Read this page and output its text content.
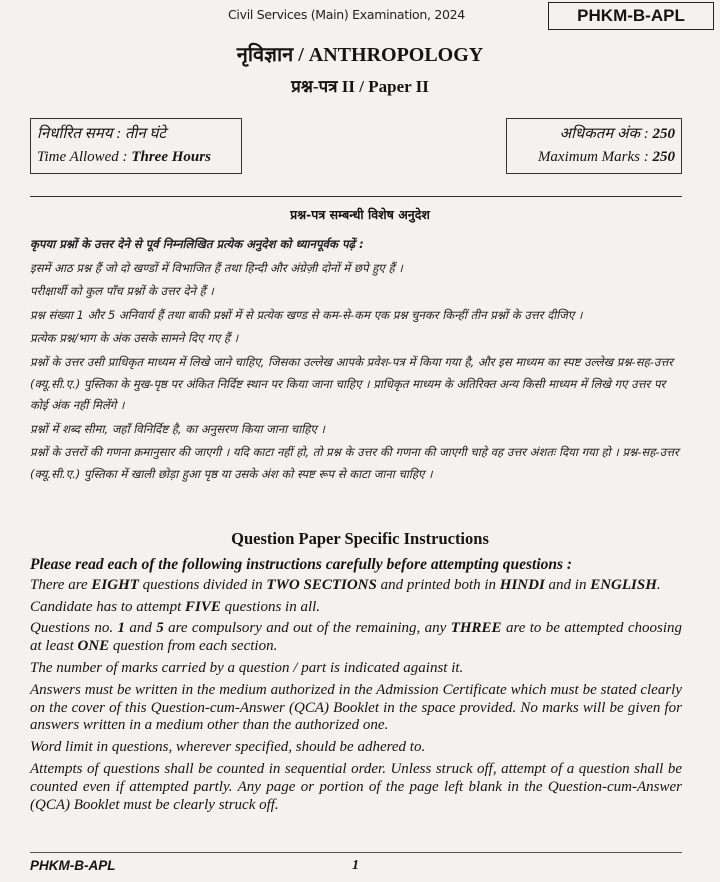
Civil Services (Main) Examination, 2024	PHKM-B-APL
नृविज्ञान / ANTHROPOLOGY
प्रश्न-पत्र II / Paper II
निर्धारित समय : तीन घंटे
Time Allowed : Three Hours
अधिकतम अंक : 250
Maximum Marks : 250
प्रश्न-पत्र सम्बन्धी विशेष अनुदेश

कृपया प्रश्नों के उत्तर देने से पूर्व निम्नलिखित प्रत्येक अनुदेश को ध्यानपूर्वक पढ़ें :

इसमें आठ प्रश्न हैं जो दो खण्डों में विभाजित हैं तथा हिन्दी और अंग्रेज़ी दोनों में छपे हुए हैं ।

परीक्षार्थी को कुल पाँच प्रश्नों के उत्तर देने हैं ।

प्रश्न संख्या 1 और 5 अनिवार्य हैं तथा बाकी प्रश्नों में से प्रत्येक खण्ड से कम-से-कम एक प्रश्न चुनकर किन्हीं तीन प्रश्नों के उत्तर दीजिए ।

प्रत्येक प्रश्न/भाग के अंक उसके सामने दिए गए हैं ।

प्रश्नों के उत्तर उसी प्राधिकृत माध्यम में लिखे जाने चाहिए, जिसका उल्लेख आपके प्रवेश-पत्र में किया गया है, और इस माध्यम का स्पष्ट उल्लेख प्रश्न-सह-उत्तर (क्यू.सी.ए.) पुस्तिका के मुख-पृष्ठ पर अंकित निर्दिष्ट स्थान पर किया जाना चाहिए । प्राधिकृत माध्यम के अतिरिक्त अन्य किसी माध्यम में लिखे गए उत्तर पर कोई अंक नहीं मिलेंगे ।

प्रश्नों में शब्द सीमा, जहाँ विनिर्दिष्ट है, का अनुसरण किया जाना चाहिए ।

प्रश्नों के उत्तरों की गणना क्रमानुसार की जाएगी । यदि काटा नहीं हो, तो प्रश्न के उत्तर की गणना की जाएगी चाहे वह उत्तर अंशतः दिया गया हो । प्रश्न-सह-उत्तर (क्यू.सी.ए.) पुस्तिका में खाली छोड़ा हुआ पृष्ठ या उसके अंश को स्पष्ट रूप से काटा जाना चाहिए ।

Question Paper Specific Instructions

Please read each of the following instructions carefully before attempting questions :

There are EIGHT questions divided in TWO SECTIONS and printed both in HINDI and in ENGLISH.

Candidate has to attempt FIVE questions in all.

Questions no. 1 and 5 are compulsory and out of the remaining, any THREE are to be attempted choosing at least ONE question from each section.

The number of marks carried by a question / part is indicated against it.

Answers must be written in the medium authorized in the Admission Certificate which must be stated clearly on the cover of this Question-cum-Answer (QCA) Booklet in the space provided. No marks will be given for answers written in a medium other than the authorized one.

Word limit in questions, wherever specified, should be adhered to.

Attempts of questions shall be counted in sequential order. Unless struck off, attempt of a question shall be counted even if attempted partly. Any page or portion of the page left blank in the Question-cum-Answer (QCA) Booklet must be clearly struck off.

PHKM-B-APL	1
